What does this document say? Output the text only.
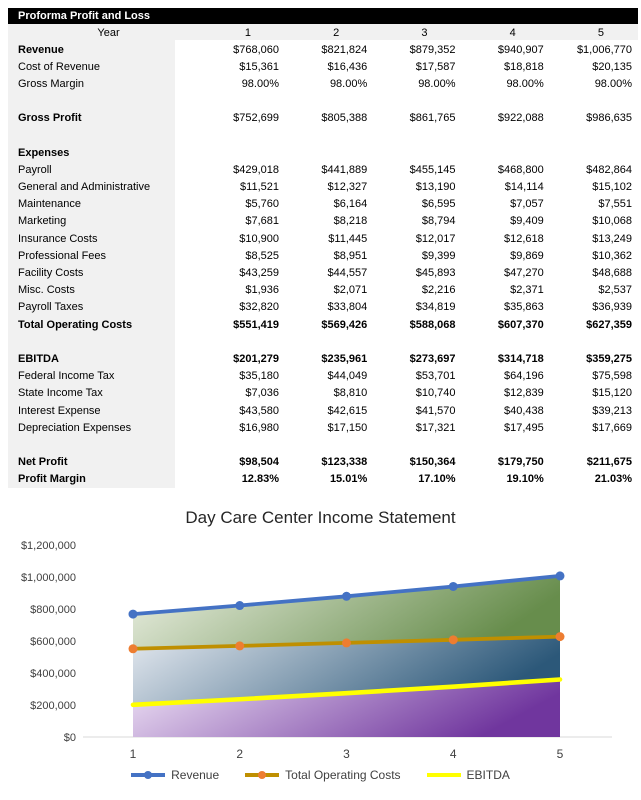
Proforma Profit and Loss
Year	1	2	3	4	5
Revenue	$768,060	$821,824	$879,352	$940,907	$1,006,770
Cost of Revenue	$15,361	$16,436	$17,587	$18,818	$20,135
Gross Margin	98.00%	98.00%	98.00%	98.00%	98.00%
Gross Profit	$752,699	$805,388	$861,765	$922,088	$986,635
Expenses
Payroll	$429,018	$441,889	$455,145	$468,800	$482,864
General and Administrative	$11,521	$12,327	$13,190	$14,114	$15,102
Maintenance	$5,760	$6,164	$6,595	$7,057	$7,551
Marketing	$7,681	$8,218	$8,794	$9,409	$10,068
Insurance Costs	$10,900	$11,445	$12,017	$12,618	$13,249
Professional Fees	$8,525	$8,951	$9,399	$9,869	$10,362
Facility Costs	$43,259	$44,557	$45,893	$47,270	$48,688
Misc. Costs	$1,936	$2,071	$2,216	$2,371	$2,537
Payroll Taxes	$32,820	$33,804	$34,819	$35,863	$36,939
Total Operating Costs	$551,419	$569,426	$588,068	$607,370	$627,359
EBITDA	$201,279	$235,961	$273,697	$314,718	$359,275
Federal Income Tax	$35,180	$44,049	$53,701	$64,196	$75,598
State Income Tax	$7,036	$8,810	$10,740	$12,839	$15,120
Interest Expense	$43,580	$42,615	$41,570	$40,438	$39,213
Depreciation Expenses	$16,980	$17,150	$17,321	$17,495	$17,669
Net Profit	$98,504	$123,338	$150,364	$179,750	$211,675
Profit Margin	12.83%	15.01%	17.10%	19.10%	21.03%
Day Care Center Income Statement
$1,200,000
$1,000,000
$800,000
$600,000
$400,000
$200,000
$0
1	2	3	4	5
Revenue	Total Operating Costs	EBITDA
